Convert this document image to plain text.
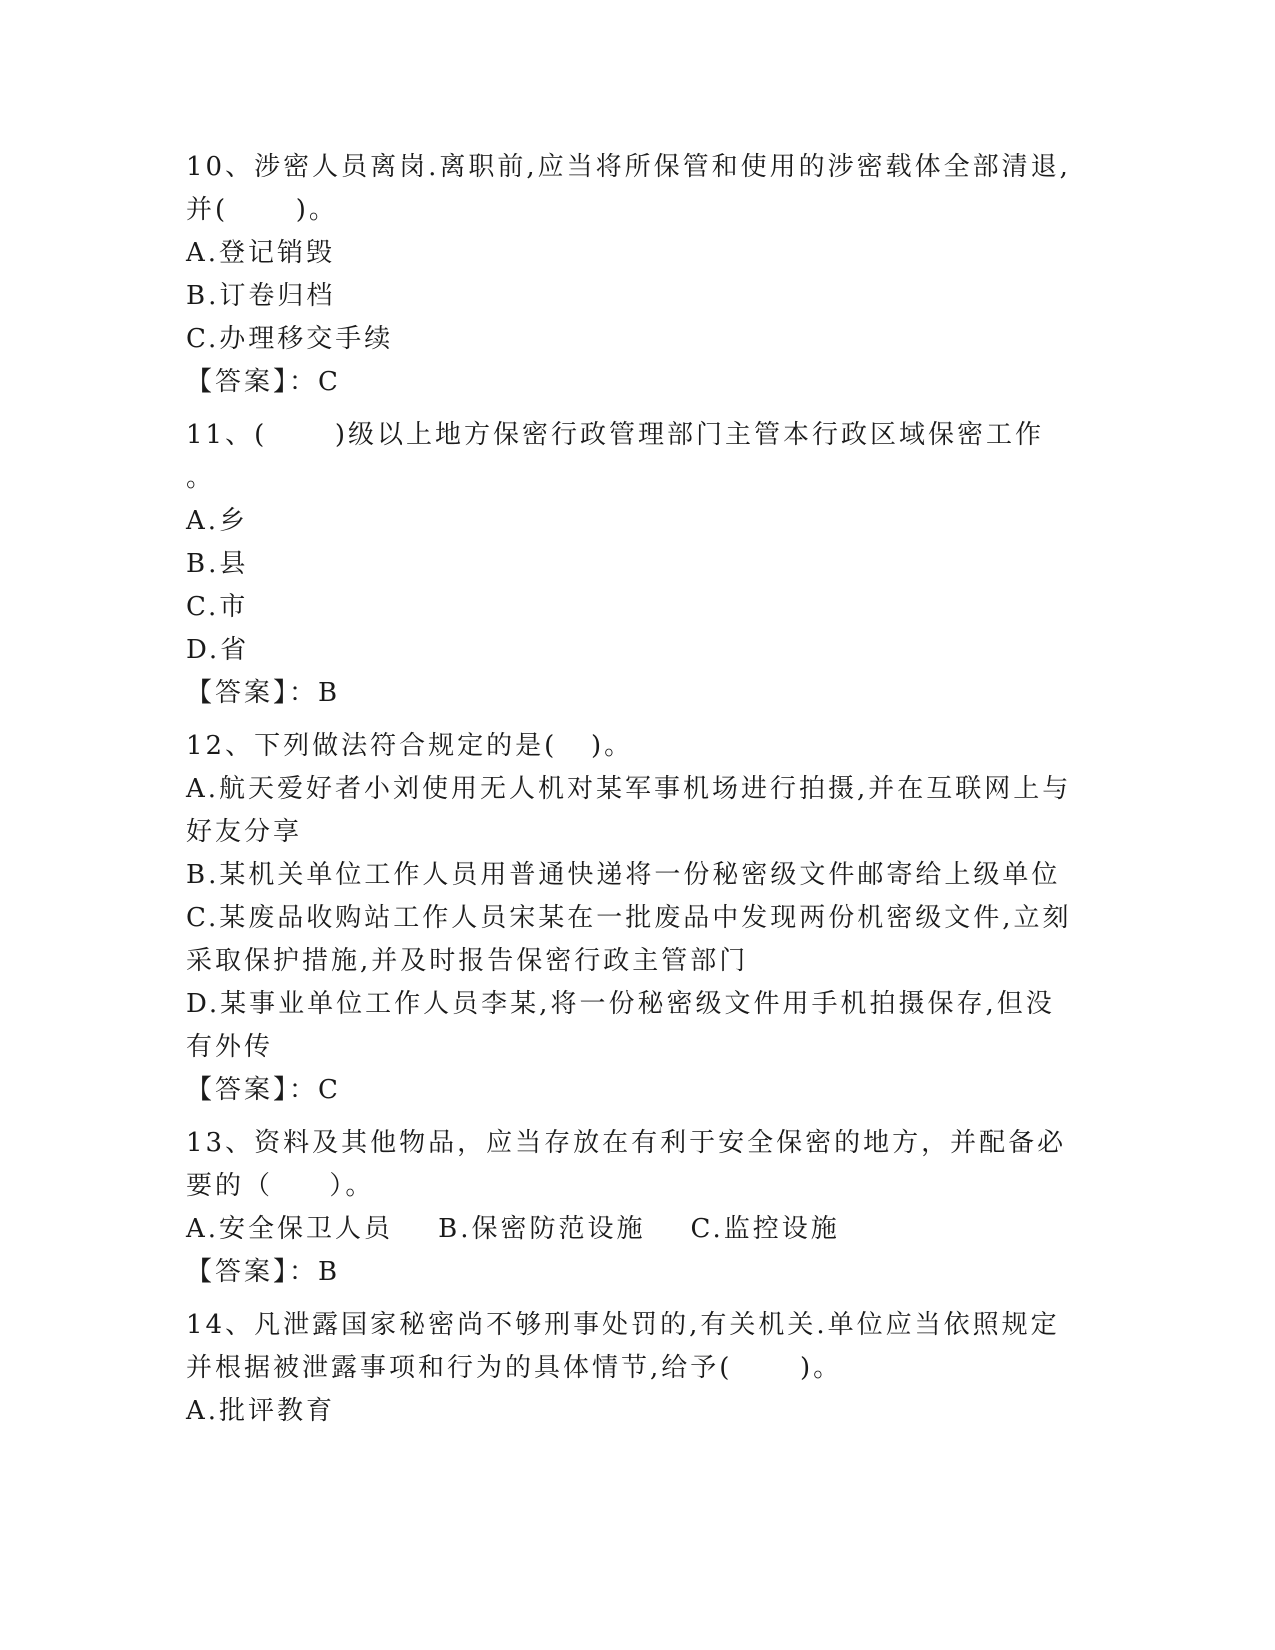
10、涉密人员离岗.离职前,应当将所保管和使用的涉密载体全部清退,
并(      )。
A.登记销毁
B.订卷归档
C.办理移交手续
【答案】：C
11、(      )级以上地方保密行政管理部门主管本行政区域保密工作
。
A.乡
B.县
C.市
D.省
【答案】：B
12、下列做法符合规定的是(   )。
A.航天爱好者小刘使用无人机对某军事机场进行拍摄,并在互联网上与
好友分享
B.某机关单位工作人员用普通快递将一份秘密级文件邮寄给上级单位
C.某废品收购站工作人员宋某在一批废品中发现两份机密级文件,立刻
采取保护措施,并及时报告保密行政主管部门
D.某事业单位工作人员李某,将一份秘密级文件用手机拍摄保存,但没
有外传
【答案】：C
13、资料及其他物品，应当存放在有利于安全保密的地方，并配备必
要的（     ）。
A.安全保卫人员    B.保密防范设施    C.监控设施
【答案】：B
14、凡泄露国家秘密尚不够刑事处罚的,有关机关.单位应当依照规定
并根据被泄露事项和行为的具体情节,给予(      )。
A.批评教育
